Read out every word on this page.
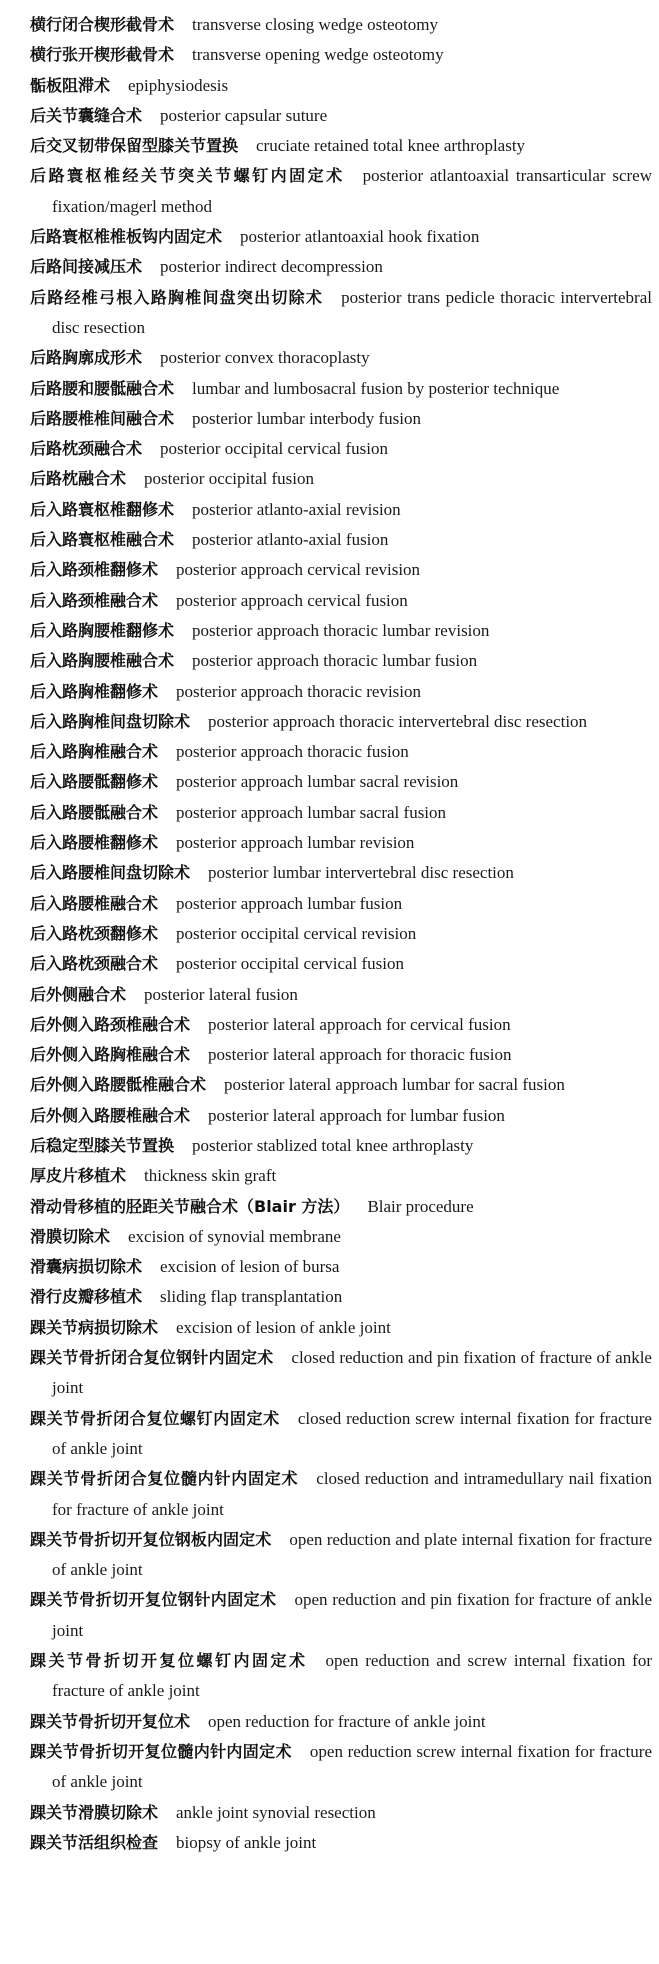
横行闭合楔形截骨术 transverse closing wedge osteotomy
横行张开楔形截骨术 transverse opening wedge osteotomy
骺板阻滞术 epiphysiodesis
后关节囊缝合术 posterior capsular suture
后交叉韧带保留型膝关节置换 cruciate retained total knee arthroplasty
后路寰枢椎经关节突关节螺钉内固定术 posterior atlantoaxial transarticular screw fixation/magerl method
后路寰枢椎椎板钩内固定术 posterior atlantoaxial hook fixation
后路间接减压术 posterior indirect decompression
后路经椎弓根入路胸椎间盘突出切除术 posterior trans pedicle thoracic intervertebral disc resection
后路胸廓成形术 posterior convex thoracoplasty
后路腰和腰骶融合术 lumbar and lumbosacral fusion by posterior technique
后路腰椎椎间融合术 posterior lumbar interbody fusion
后路枕颈融合术 posterior occipital cervical fusion
后路枕融合术 posterior occipital fusion
后入路寰枢椎翻修术 posterior atlanto-axial revision
后入路寰枢椎融合术 posterior atlanto-axial fusion
后入路颈椎翻修术 posterior approach cervical revision
后入路颈椎融合术 posterior approach cervical fusion
后入路胸腰椎翻修术 posterior approach thoracic lumbar revision
后入路胸腰椎融合术 posterior approach thoracic lumbar fusion
后入路胸椎翻修术 posterior approach thoracic revision
后入路胸椎间盘切除术 posterior approach thoracic intervertebral disc resection
后入路胸椎融合术 posterior approach thoracic fusion
后入路腰骶翻修术 posterior approach lumbar sacral revision
后入路腰骶融合术 posterior approach lumbar sacral fusion
后入路腰椎翻修术 posterior approach lumbar revision
后入路腰椎间盘切除术 posterior lumbar intervertebral disc resection
后入路腰椎融合术 posterior approach lumbar fusion
后入路枕颈翻修术 posterior occipital cervical revision
后入路枕颈融合术 posterior occipital cervical fusion
后外侧融合术 posterior lateral fusion
后外侧入路颈椎融合术 posterior lateral approach for cervical fusion
后外侧入路胸椎融合术 posterior lateral approach for thoracic fusion
后外侧入路腰骶椎融合术 posterior lateral approach lumbar for sacral fusion
后外侧入路腰椎融合术 posterior lateral approach for lumbar fusion
后稳定型膝关节置换 posterior stablized total knee arthroplasty
厚皮片移植术 thickness skin graft
滑动骨移植的胫距关节融合术（Blair 方法） Blair procedure
滑膜切除术 excision of synovial membrane
滑囊病损切除术 excision of lesion of bursa
滑行皮瓣移植术 sliding flap transplantation
踝关节病损切除术 excision of lesion of ankle joint
踝关节骨折闭合复位钢针内固定术 closed reduction and pin fixation of fracture of ankle joint
踝关节骨折闭合复位螺钉内固定术 closed reduction screw internal fixation for fracture of ankle joint
踝关节骨折闭合复位髓内针内固定术 closed reduction and intramedullary nail fixation for fracture of ankle joint
踝关节骨折切开复位钢板内固定术 open reduction and plate internal fixation for fracture of ankle joint
踝关节骨折切开复位钢针内固定术 open reduction and pin fixation for fracture of ankle joint
踝关节骨折切开复位螺钉内固定术 open reduction and screw internal fixation for fracture of ankle joint
踝关节骨折切开复位术 open reduction for fracture of ankle joint
踝关节骨折切开复位髓内针内固定术 open reduction screw internal fixation for fracture of ankle joint
踝关节滑膜切除术 ankle joint synovial resection
踝关节活组织检查 biopsy of ankle joint
